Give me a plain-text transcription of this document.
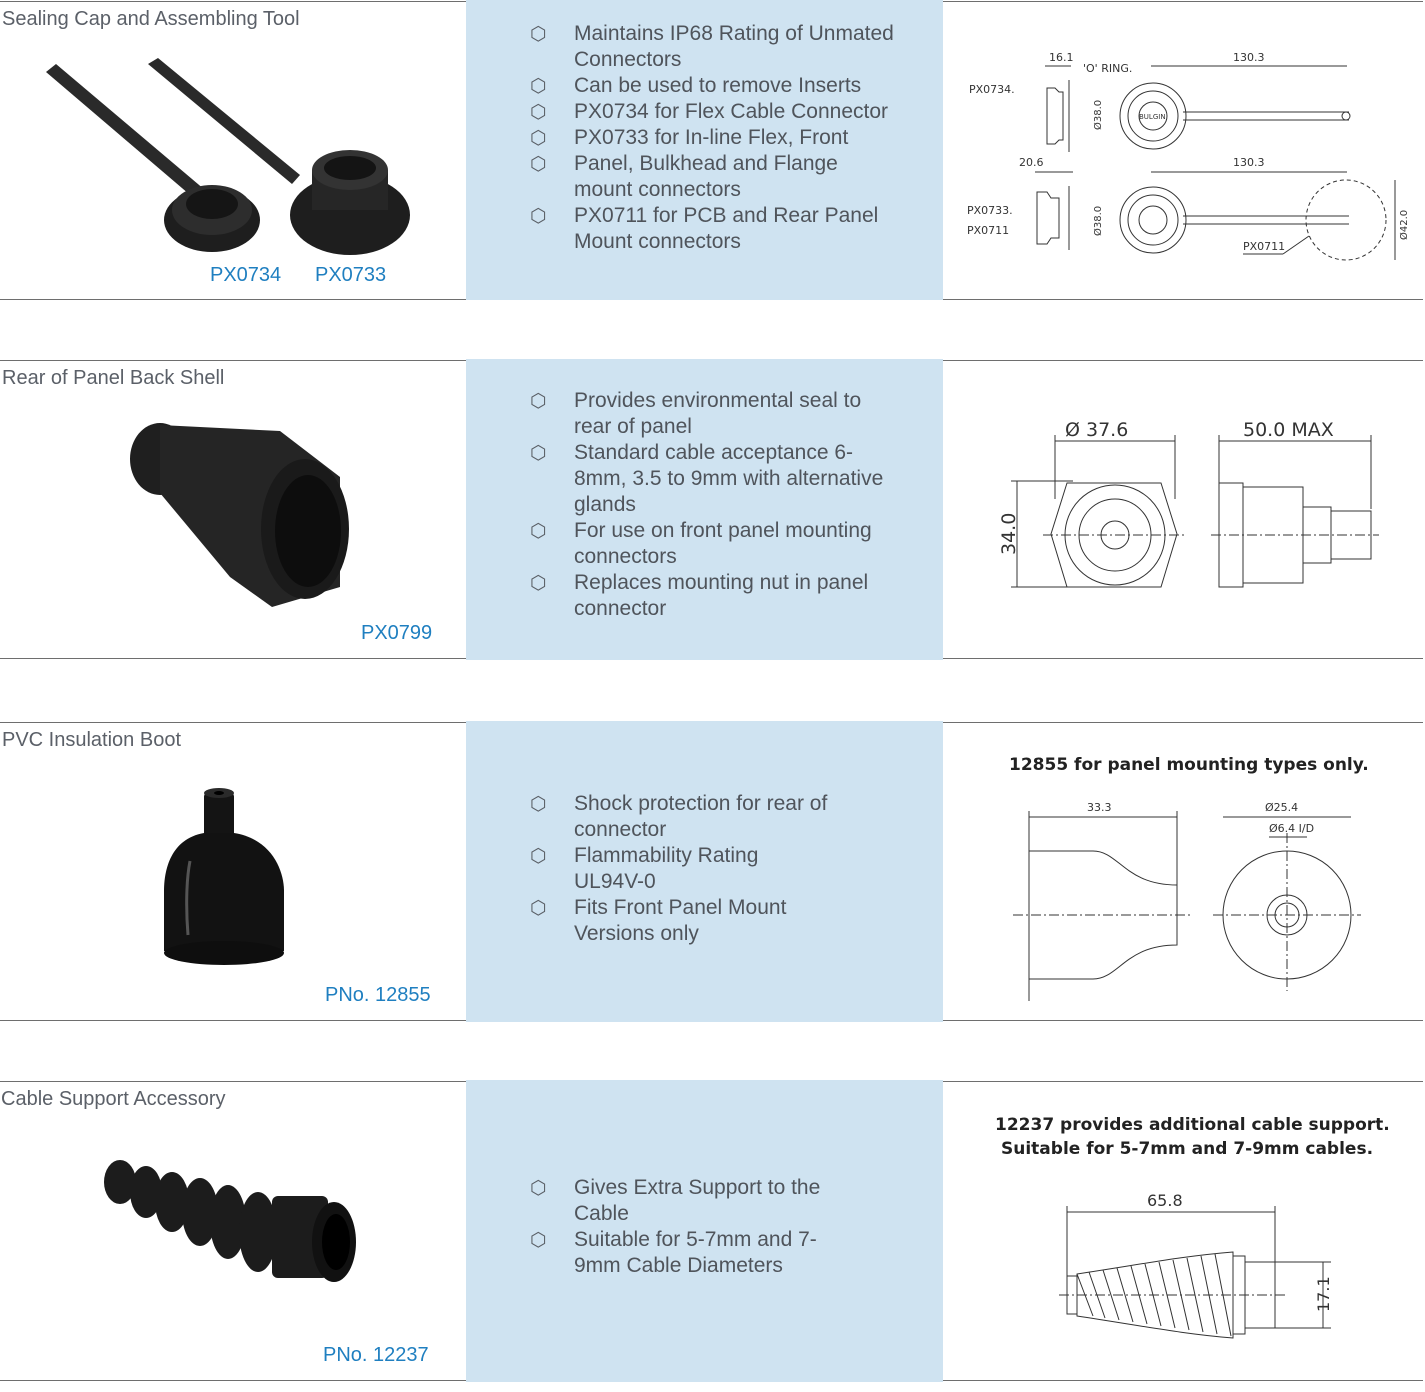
Sealing Cap and Assembling Tool
PX0734 PX0733
⬡ Maintains IP68 Rating of Unmated Connectors
⬡ Can be used to remove Inserts
⬡ PX0734 for Flex Cable Connector
⬡ PX0733 for In-line Flex, Front
⬡ Panel, Bulkhead and Flange mount connectors
⬡ PX0711 for PCB and Rear Panel Mount connectors
PX0734.
16.1
'O' RING.
130.3
Ø38.0	BULGIN
20.6	130.3
PX0733.
PX0711	Ø38.0	Ø42.0
PX0711
Rear of Panel Back Shell
PX0799
⬡ Provides environmental seal to rear of panel
⬡ Standard cable acceptance 6-8mm, 3.5 to 9mm with alternative glands
⬡ For use on front panel mounting connectors
⬡ Replaces mounting nut in panel connector
Ø 37.6	50.0 MAX
34.0
PVC Insulation Boot
PNo. 12855
⬡ Shock protection for rear of connector
⬡ Flammability Rating UL94V-0
⬡ Fits Front Panel Mount Versions only
12855 for panel mounting types only.
33.3	Ø25.4
Ø6.4 I/D
Cable Support Accessory
PNo. 12237
⬡ Gives Extra Support to the Cable
⬡ Suitable for 5-7mm and 7-9mm Cable Diameters
12237 provides additional cable support.
Suitable for 5-7mm and 7-9mm cables.
65.8
17.1
